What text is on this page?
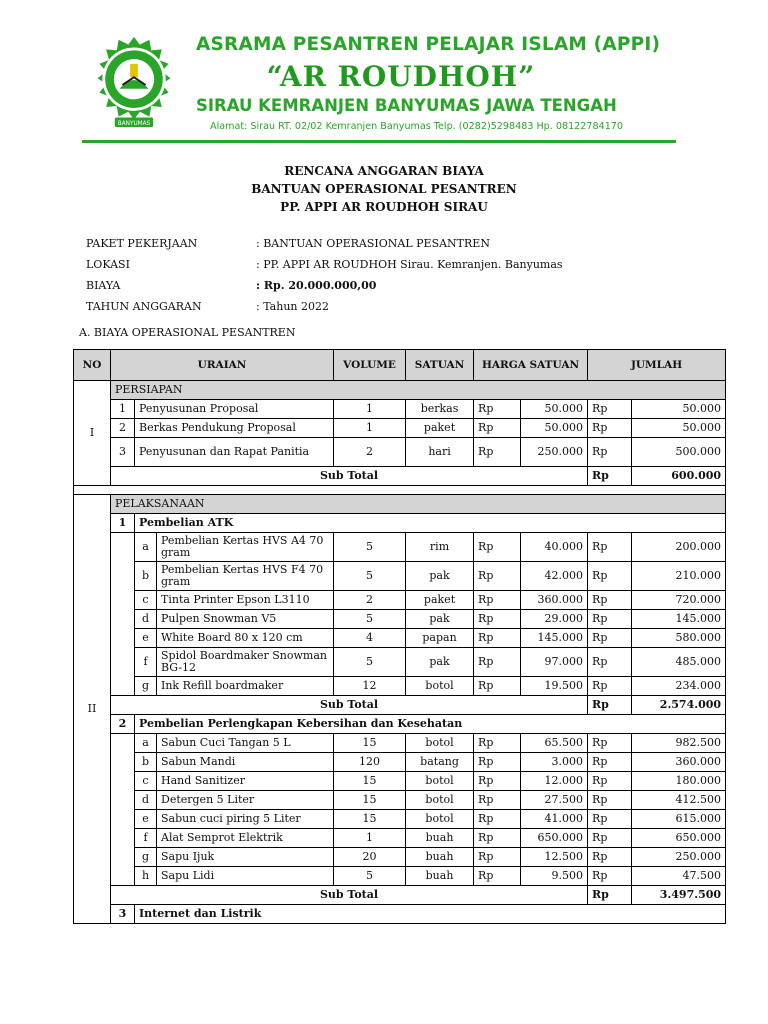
BANYUMAS
ASRAMA PESANTREN PELAJAR ISLAM (APPI)
“AR ROUDHOH”
SIRAU KEMRANJEN BANYUMAS JAWA TENGAH
Alamat: Sirau RT. 02/02 Kemranjen Banyumas Telp. (0282)5298483 Hp. 08122784170
RENCANA ANGGARAN BIAYA
BANTUAN OPERASIONAL PESANTREN
PP. APPI AR ROUDHOH SIRAU
PAKET PEKERJAAN	: BANTUAN OPERASIONAL PESANTREN
LOKASI	: PP. APPI AR ROUDHOH Sirau. Kemranjen. Banyumas
BIAYA	: Rp. 20.000.000,00
TAHUN ANGGARAN	: Tahun 2022
A. BIAYA OPERASIONAL PESANTREN
NO	URAIAN			VOLUME	SATUAN	HARGA SATUAN		JUMLAH	
I	PERSIAPAN								
	1	Penyusunan Proposal		1	berkas	Rp	50.000	Rp	50.000
	2	Berkas Pendukung Proposal		1	paket	Rp	50.000	Rp	50.000
	3	Penyusunan dan Rapat Panitia		2	hari	Rp	250.000	Rp	500.000
	Sub Total							Rp	600.000

II	PELAKSANAAN								
	1	Pembelian ATK							
		a	Pembelian Kertas HVS A4 70 gram	5	rim	Rp	40.000	Rp	200.000
		b	Pembelian Kertas HVS F4 70 gram	5	pak	Rp	42.000	Rp	210.000
		c	Tinta Printer Epson L3110	2	paket	Rp	360.000	Rp	720.000
		d	Pulpen Snowman V5	5	pak	Rp	29.000	Rp	145.000
		e	White Board 80 x 120 cm	4	papan	Rp	145.000	Rp	580.000
		f	Spidol Boardmaker Snowman BG-12	5	pak	Rp	97.000	Rp	485.000
		g	Ink Refill boardmaker	12	botol	Rp	19.500	Rp	234.000
	Sub Total							Rp	2.574.000
	2	Pembelian Perlengkapan Kebersihan dan Kesehatan							
		a	Sabun Cuci Tangan 5 L	15	botol	Rp	65.500	Rp	982.500
		b	Sabun Mandi	120	batang	Rp	3.000	Rp	360.000
		c	Hand Sanitizer	15	botol	Rp	12.000	Rp	180.000
		d	Detergen 5 Liter	15	botol	Rp	27.500	Rp	412.500
		e	Sabun cuci piring 5 Liter	15	botol	Rp	41.000	Rp	615.000
		f	Alat Semprot Elektrik	1	buah	Rp	650.000	Rp	650.000
		g	Sapu Ijuk	20	buah	Rp	12.500	Rp	250.000
		h	Sapu Lidi	5	buah	Rp	9.500	Rp	47.500
	Sub Total							Rp	3.497.500
	3	Internet dan Listrik							
